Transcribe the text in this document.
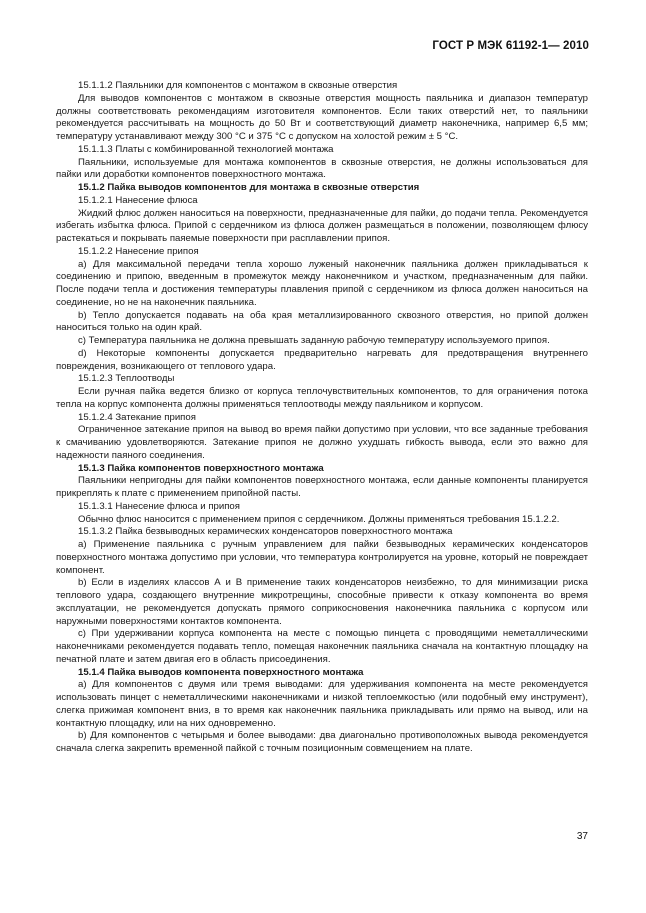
ГОСТ Р МЭК 61192-1— 2010

15.1.1.2 Паяльники для компонентов с монтажом в сквозные отверстия

Для выводов компонентов с монтажом в сквозные отверстия мощность паяльника и диапазон температур должны соответствовать рекомендациям изготовителя компонентов. Если таких отверстий нет, то паяльники рекомендуется рассчитывать на мощность до 50 Вт и соответствующий диаметр наконечника, например 6,5 мм; температуру устанавливают между 300 °С и 375 °С с допуском на холостой режим ± 5 °С.

15.1.1.3 Платы с комбинированной технологией монтажа

Паяльники, используемые для монтажа компонентов в сквозные отверстия, не должны использоваться для пайки или доработки компонентов поверхностного монтажа.

15.1.2 Пайка выводов компонентов для монтажа в сквозные отверстия

15.1.2.1 Нанесение флюса

Жидкий флюс должен наноситься на поверхности, предназначенные для пайки, до подачи тепла. Рекомендуется избегать избытка флюса. Припой с сердечником из флюса должен размещаться в положении, позволяющем флюсу растекаться и покрывать паяемые поверхности при расплавлении припоя.

15.1.2.2 Нанесение припоя

а) Для максимальной передачи тепла хорошо луженый наконечник паяльника должен прикладываться к соединению и припою, введенным в промежуток между наконечником и участком, предназначенным для пайки. После подачи тепла и достижения температуры плавления припой с сердечником из флюса должен наноситься на соединение, но не на наконечник паяльника.

b) Тепло допускается подавать на оба края металлизированного сквозного отверстия, но припой должен наноситься только на один край.

c) Температура паяльника не должна превышать заданную рабочую температуру используемого припоя.

d) Некоторые компоненты допускается предварительно нагревать для предотвращения внутреннего повреждения, возникающего от теплового удара.

15.1.2.3 Теплоотводы

Если ручная пайка ведется близко от корпуса теплочувствительных компонентов, то для ограничения потока тепла на корпус компонента должны применяться теплоотводы между паяльником и корпусом.

15.1.2.4 Затекание припоя

Ограниченное затекание припоя на вывод во время пайки допустимо при условии, что все заданные требования к смачиванию удовлетворяются. Затекание припоя не должно ухудшать гибкость вывода, если это важно для надежности паяного соединения.

15.1.3 Пайка компонентов поверхностного монтажа

Паяльники непригодны для пайки компонентов поверхностного монтажа, если данные компоненты планируется прикреплять к плате с применением припойной пасты.

15.1.3.1 Нанесение флюса и припоя

Обычно флюс наносится с применением припоя с сердечником. Должны применяться требования 15.1.2.2.

15.1.3.2 Пайка безвыводных керамических конденсаторов поверхностного монтажа

а) Применение паяльника с ручным управлением для пайки безвыводных керамических конденсаторов поверхностного монтажа допустимо при условии, что температура контролируется на уровне, который не повреждает компонент.

b) Если в изделиях классов А и В применение таких конденсаторов неизбежно, то для минимизации риска теплового удара, создающего внутренние микротрещины, способные привести к отказу компонента во время эксплуатации, не рекомендуется допускать прямого соприкосновения наконечника паяльника с корпусом или наружными поверхностями контактов компонента.

c) При удерживании корпуса компонента на месте с помощью пинцета с проводящими неметаллическими наконечниками рекомендуется подавать тепло, помещая наконечник паяльника сначала на контактную площадку на печатной плате и затем двигая его в область присоединения.

15.1.4 Пайка выводов компонента поверхностного монтажа

а) Для компонентов с двумя или тремя выводами: для удерживания компонента на месте рекомендуется использовать пинцет с неметаллическими наконечниками и низкой теплоемкостью (или подобный ему инструмент), слегка прижимая компонент вниз, в то время как наконечник паяльника прикладывать или прямо на вывод, или на контактную площадку, или на них одновременно.

b) Для компонентов с четырьмя и более выводами: два диагонально противоположных вывода рекомендуется сначала слегка закрепить временной пайкой с точным позиционным совмещением на плате.

37
